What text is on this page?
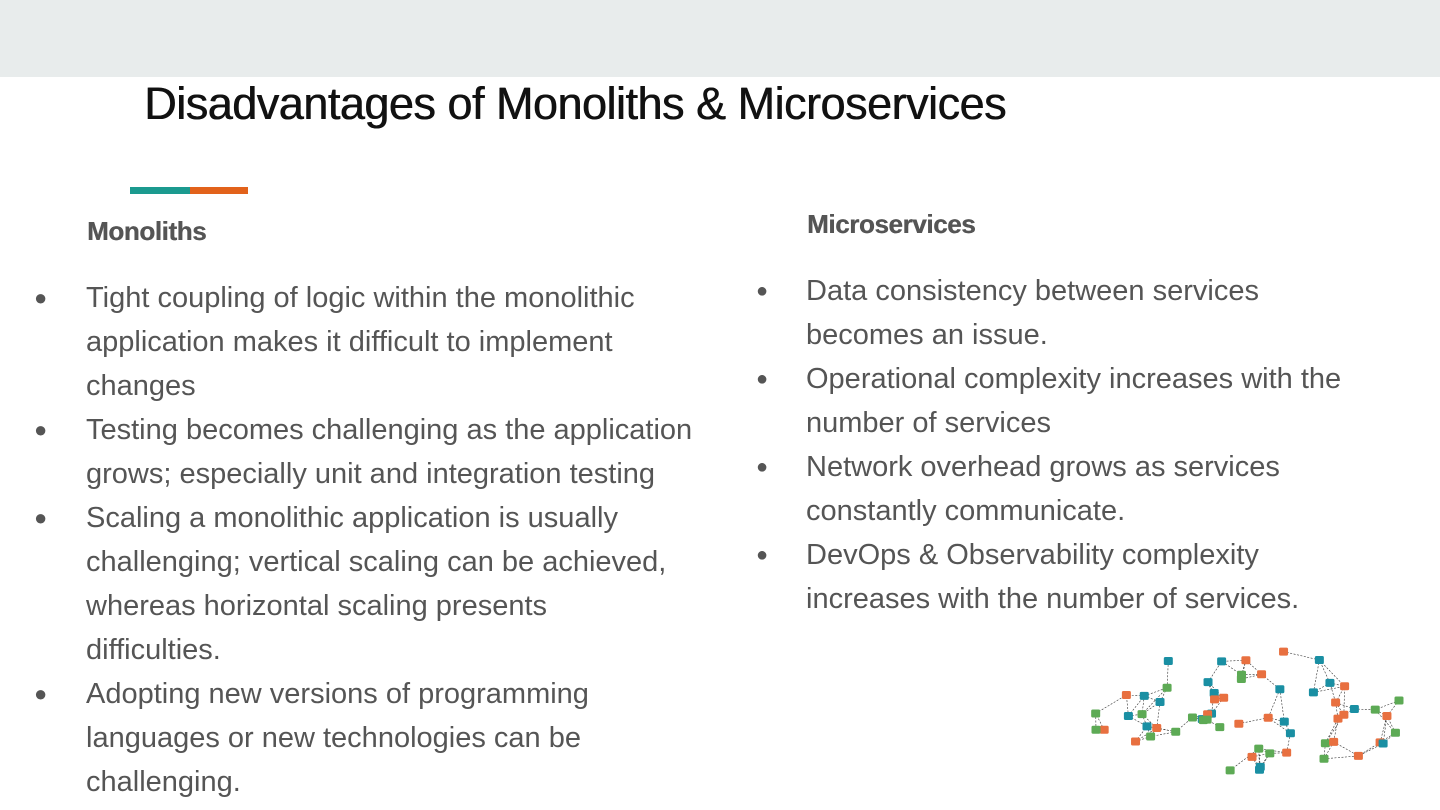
Disadvantages of Monoliths & Microservices
Monoliths	Microservices
● Tight coupling of logic within the monolithic
application makes it difficult to implement
changes
● Testing becomes challenging as the application
grows; especially unit and integration testing
● Scaling a monolithic application is usually
challenging; vertical scaling can be achieved,
whereas horizontal scaling presents
difficulties.
● Adopting new versions of programming
languages or new technologies can be
challenging.
● Data consistency between services
becomes an issue.
● Operational complexity increases with the
number of services
● Network overhead grows as services
constantly communicate.
● DevOps & Observability complexity
increases with the number of services.
